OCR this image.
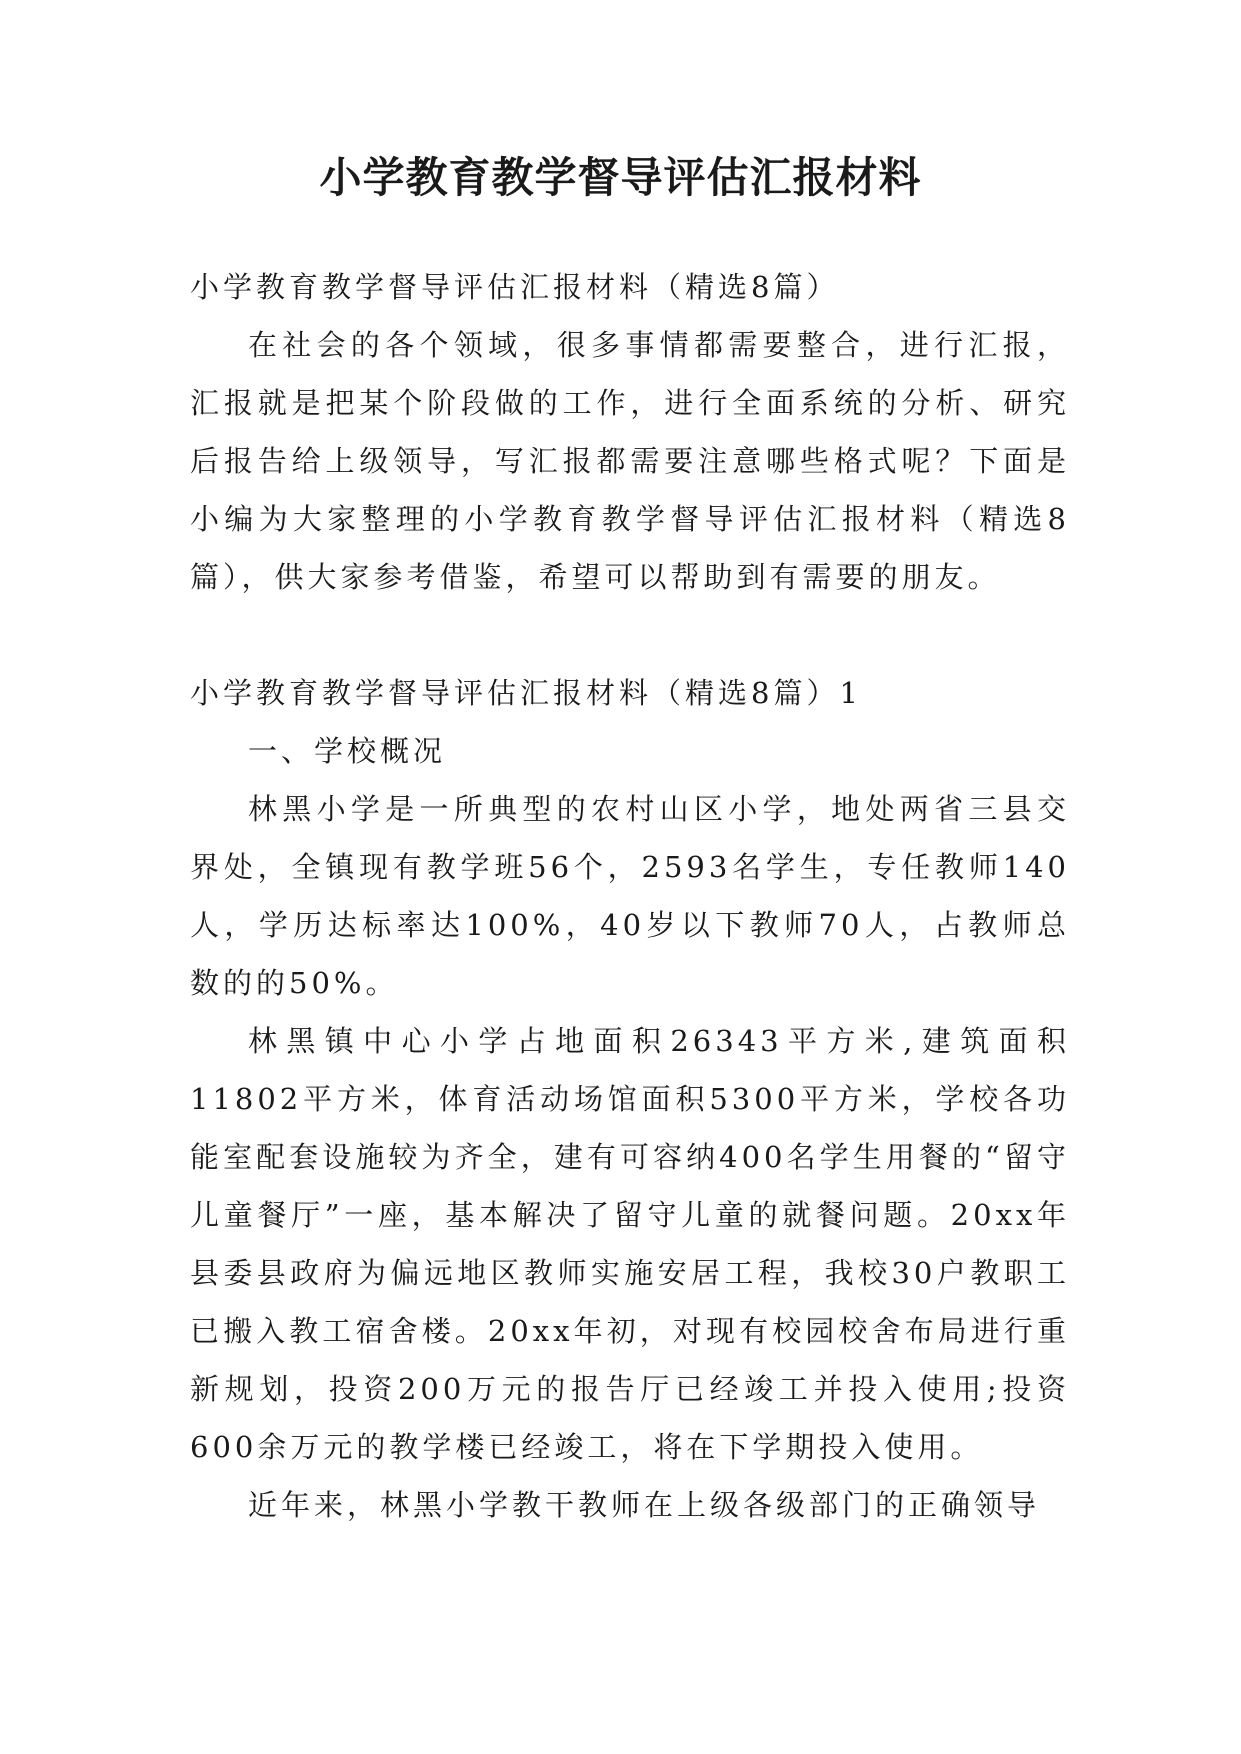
小学教育教学督导评估汇报材料

小学教育教学督导评估汇报材料（精选8篇）

在社会的各个领域，很多事情都需要整合，进行汇报，汇报就是把某个阶段做的工作，进行全面系统的分析、研究后报告给上级领导，写汇报都需要注意哪些格式呢？下面是小编为大家整理的小学教育教学督导评估汇报材料（精选8篇），供大家参考借鉴，希望可以帮助到有需要的朋友。

小学教育教学督导评估汇报材料（精选8篇）1

一、学校概况

林黑小学是一所典型的农村山区小学，地处两省三县交界处，全镇现有教学班56个，2593名学生，专任教师140人，学历达标率达100%，40岁以下教师70人，占教师总数的的50%。

林黑镇中心小学占地面积26343平方米,建筑面积11802平方米，体育活动场馆面积5300平方米，学校各功能室配套设施较为齐全，建有可容纳400名学生用餐的“留守儿童餐厅”一座，基本解决了留守儿童的就餐问题。20xx年县委县政府为偏远地区教师实施安居工程，我校30户教职工已搬入教工宿舍楼。20xx年初，对现有校园校舍布局进行重新规划，投资200万元的报告厅已经竣工并投入使用;投资600余万元的教学楼已经竣工，将在下学期投入使用。

近年来，林黑小学教干教师在上级各级部门的正确领导
